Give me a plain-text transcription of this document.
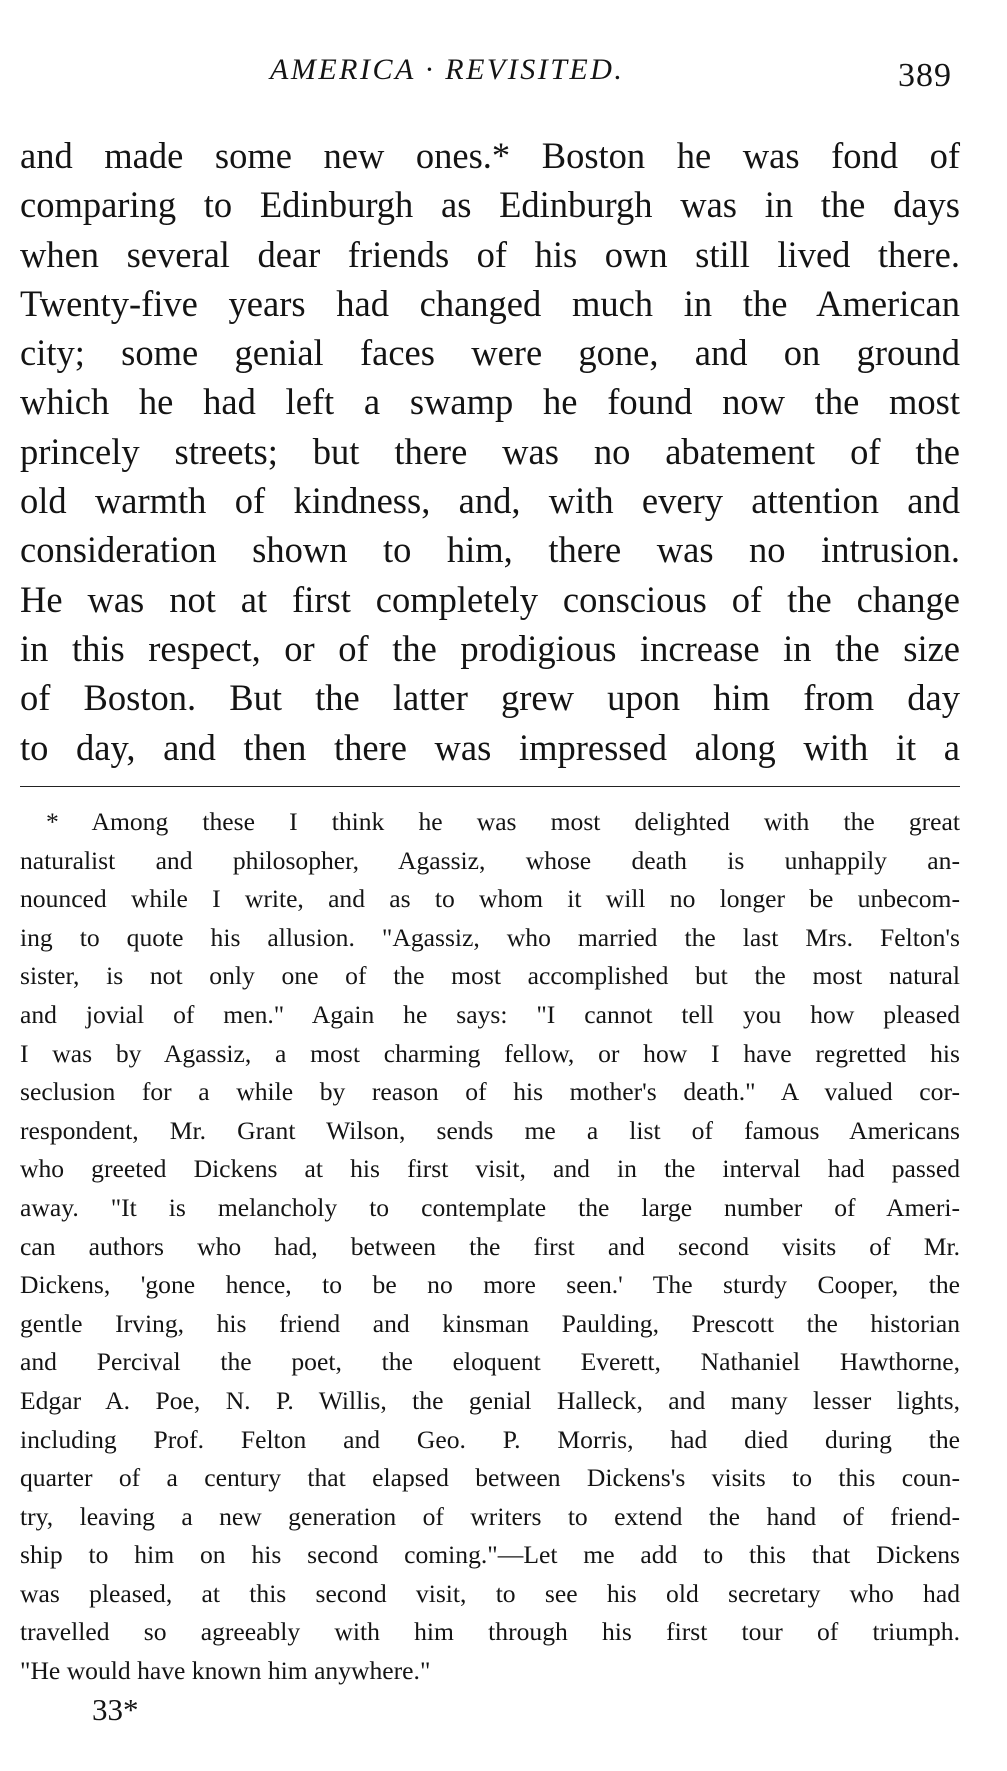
AMERICA · REVISITED.	389
and made some new ones.* Boston he was fond of
comparing to Edinburgh as Edinburgh was in the days
when several dear friends of his own still lived there.
Twenty-five years had changed much in the American
city; some genial faces were gone, and on ground
which he had left a swamp he found now the most
princely streets; but there was no abatement of the
old warmth of kindness, and, with every attention and
consideration shown to him, there was no intrusion.
He was not at first completely conscious of the change
in this respect, or of the prodigious increase in the size
of Boston. But the latter grew upon him from day
to day, and then there was impressed along with it a
* Among these I think he was most delighted with the great
naturalist and philosopher, Agassiz, whose death is unhappily an-
nounced while I write, and as to whom it will no longer be unbecom-
ing to quote his allusion. "Agassiz, who married the last Mrs. Felton's
sister, is not only one of the most accomplished but the most natural
and jovial of men." Again he says: "I cannot tell you how pleased
I was by Agassiz, a most charming fellow, or how I have regretted his
seclusion for a while by reason of his mother's death." A valued cor-
respondent, Mr. Grant Wilson, sends me a list of famous Americans
who greeted Dickens at his first visit, and in the interval had passed
away. "It is melancholy to contemplate the large number of Ameri-
can authors who had, between the first and second visits of Mr.
Dickens, 'gone hence, to be no more seen.' The sturdy Cooper, the
gentle Irving, his friend and kinsman Paulding, Prescott the historian
and Percival the poet, the eloquent Everett, Nathaniel Hawthorne,
Edgar A. Poe, N. P. Willis, the genial Halleck, and many lesser lights,
including Prof. Felton and Geo. P. Morris, had died during the
quarter of a century that elapsed between Dickens's visits to this coun-
try, leaving a new generation of writers to extend the hand of friend-
ship to him on his second coming."—Let me add to this that Dickens
was pleased, at this second visit, to see his old secretary who had
travelled so agreeably with him through his first tour of triumph.
"He would have known him anywhere."
33*
